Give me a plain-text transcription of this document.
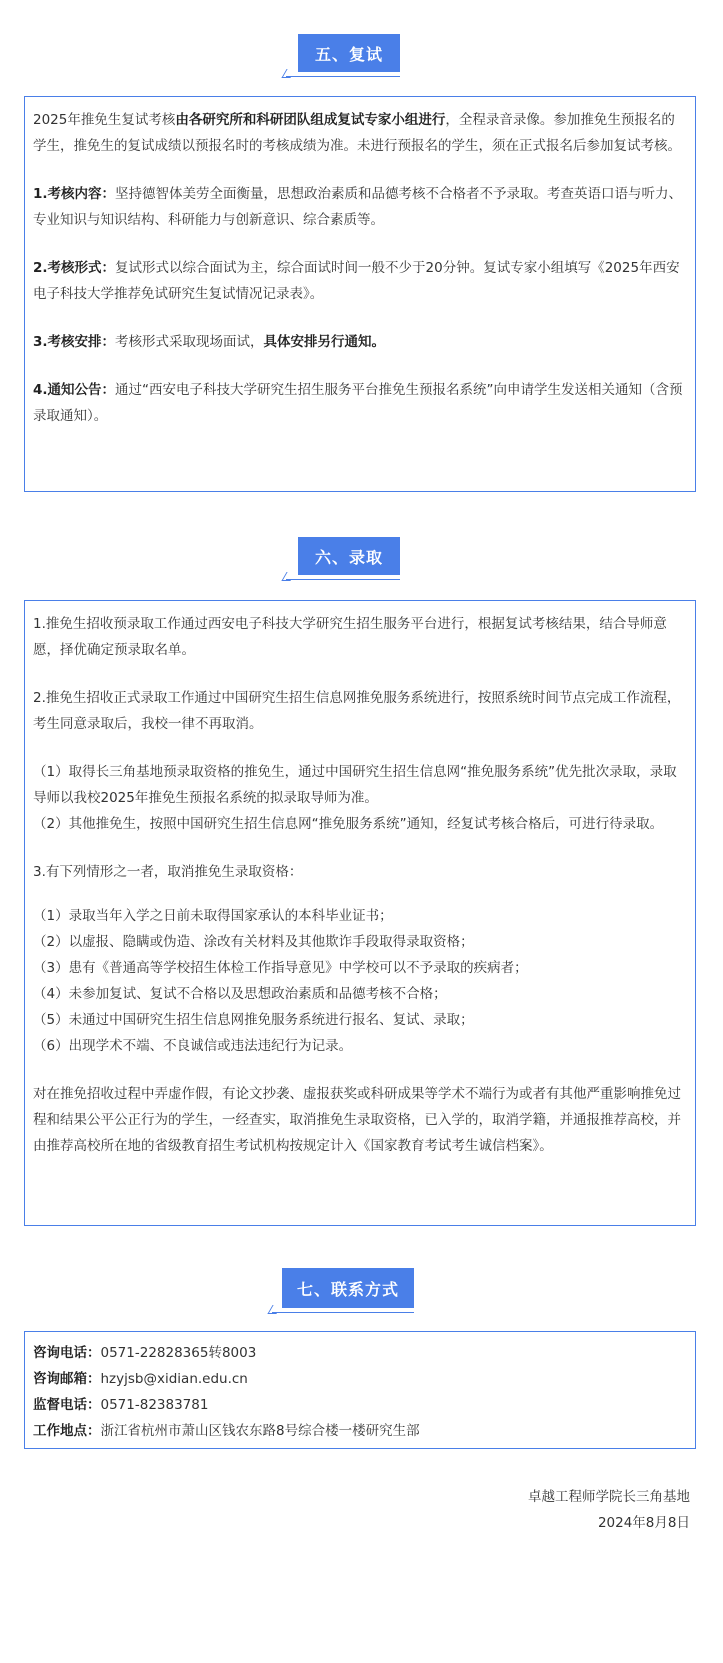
五、复试

2025年推免生复试考核由各研究所和科研团队组成复试专家小组进行，全程录音录像。参加推免生预报名的学生，推免生的复试成绩以预报名时的考核成绩为准。未进行预报名的学生，须在正式报名后参加复试考核。

1.考核内容：坚持德智体美劳全面衡量，思想政治素质和品德考核不合格者不予录取。考查英语口语与听力、专业知识与知识结构、科研能力与创新意识、综合素质等。

2.考核形式：复试形式以综合面试为主，综合面试时间一般不少于20分钟。复试专家小组填写《2025年西安电子科技大学推荐免试研究生复试情况记录表》。

3.考核安排：考核形式采取现场面试，具体安排另行通知。

4.通知公告：通过“西安电子科技大学研究生招生服务平台推免生预报名系统”向申请学生发送相关通知（含预录取通知）。

六、录取

1.推免生招收预录取工作通过西安电子科技大学研究生招生服务平台进行，根据复试考核结果，结合导师意愿，择优确定预录取名单。

2.推免生招收正式录取工作通过中国研究生招生信息网推免服务系统进行，按照系统时间节点完成工作流程，考生同意录取后，我校一律不再取消。

（1）取得长三角基地预录取资格的推免生，通过中国研究生招生信息网“推免服务系统”优先批次录取，录取导师以我校2025年推免生预报名系统的拟录取导师为准。

（2）其他推免生，按照中国研究生招生信息网“推免服务系统”通知，经复试考核合格后，可进行待录取。

3.有下列情形之一者，取消推免生录取资格：

（1）录取当年入学之日前未取得国家承认的本科毕业证书；

（2）以虚报、隐瞒或伪造、涂改有关材料及其他欺诈手段取得录取资格；

（3）患有《普通高等学校招生体检工作指导意见》中学校可以不予录取的疾病者；

（4）未参加复试、复试不合格以及思想政治素质和品德考核不合格；

（5）未通过中国研究生招生信息网推免服务系统进行报名、复试、录取；

（6）出现学术不端、不良诚信或违法违纪行为记录。

对在推免招收过程中弄虚作假，有论文抄袭、虚报获奖或科研成果等学术不端行为或者有其他严重影响推免过程和结果公平公正行为的学生，一经查实，取消推免生录取资格，已入学的，取消学籍，并通报推荐高校，并由推荐高校所在地的省级教育招生考试机构按规定计入《国家教育考试考生诚信档案》。

七、联系方式

咨询电话：0571-22828365转8003

咨询邮箱：hzyjsb@xidian.edu.cn

监督电话：0571-82383781

工作地点：浙江省杭州市萧山区钱农东路8号综合楼一楼研究生部

卓越工程师学院长三角基地
2024年8月8日
